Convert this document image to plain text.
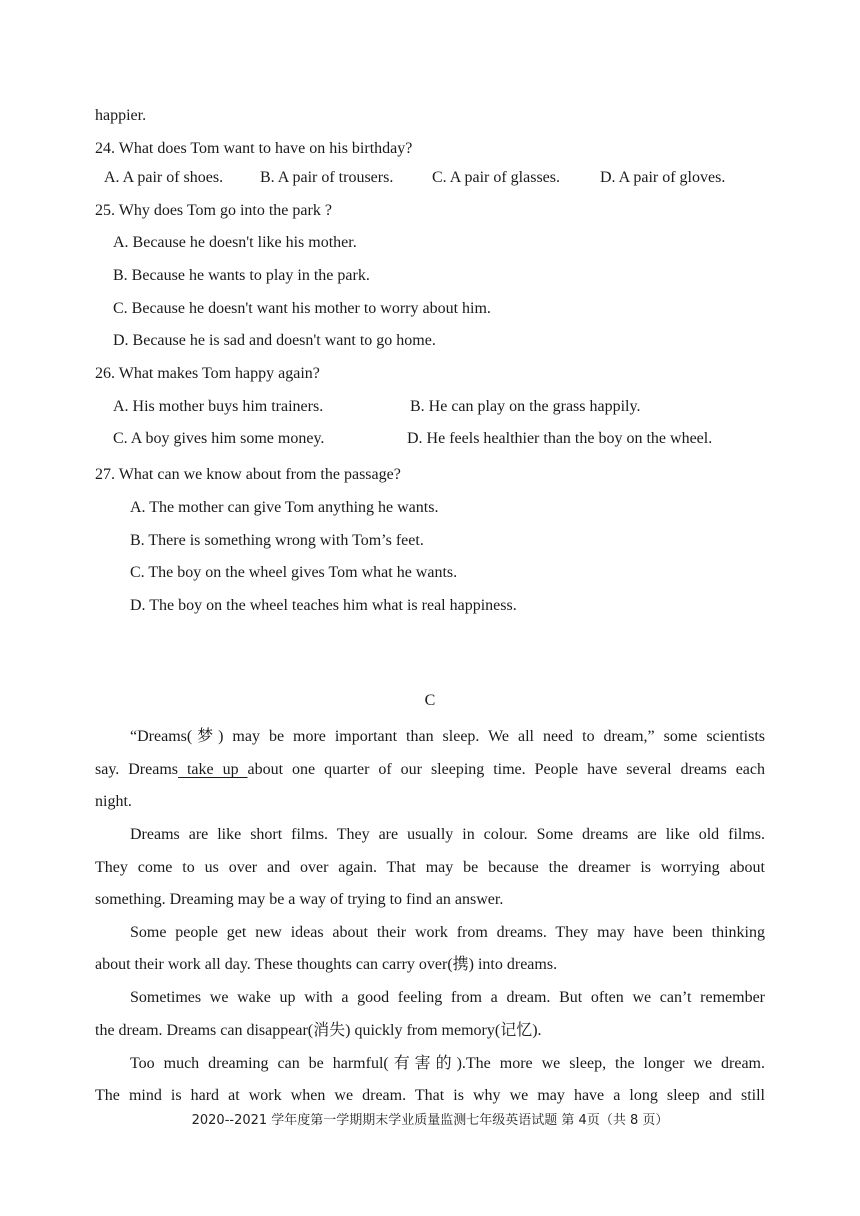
happier.
24. What does Tom want to have on his birthday?
A. A pair of shoes. B. A pair of trousers. C. A pair of glasses.	D. A pair of gloves.
25. Why does Tom go into the park ?
A. Because he doesn't like his mother.
B. Because he wants to play in the park.
C. Because he doesn't want his mother to worry about him.
D. Because he is sad and doesn't want to go home.
26. What makes Tom happy again?
A. His mother buys him trainers.	B. He can play on the grass happily.
C. A boy gives him some money.	D. He feels healthier than the boy on the wheel.
27. What can we know about from the passage?
A. The mother can give Tom anything he wants.
B. There is something wrong with Tom’s feet.
C. The boy on the wheel gives Tom what he wants.
D. The boy on the wheel teaches him what is real happiness.
C
“Dreams(梦) may be more important than sleep. We all need to dream,” some scientists
say. Dreams take up about one quarter of our sleeping time. People have several dreams each
night.
Dreams are like short films. They are usually in colour. Some dreams are like old films.
They come to us over and over again. That may be because the dreamer is worrying about
something. Dreaming may be a way of trying to find an answer.
Some people get new ideas about their work from dreams. They may have been thinking
about their work all day. These thoughts can carry over(携) into dreams.
Sometimes we wake up with a good feeling from a dream. But often we can’t remember
the dream. Dreams can disappear(消失) quickly from memory(记忆).
Too much dreaming can be harmful(有害的).The more we sleep, the longer we dream.
The mind is hard at work when we dream. That is why we may have a long sleep and still
2020--2021 学年度第一学期期末学业质量监测七年级英语试题 第 4页（共 8 页）
